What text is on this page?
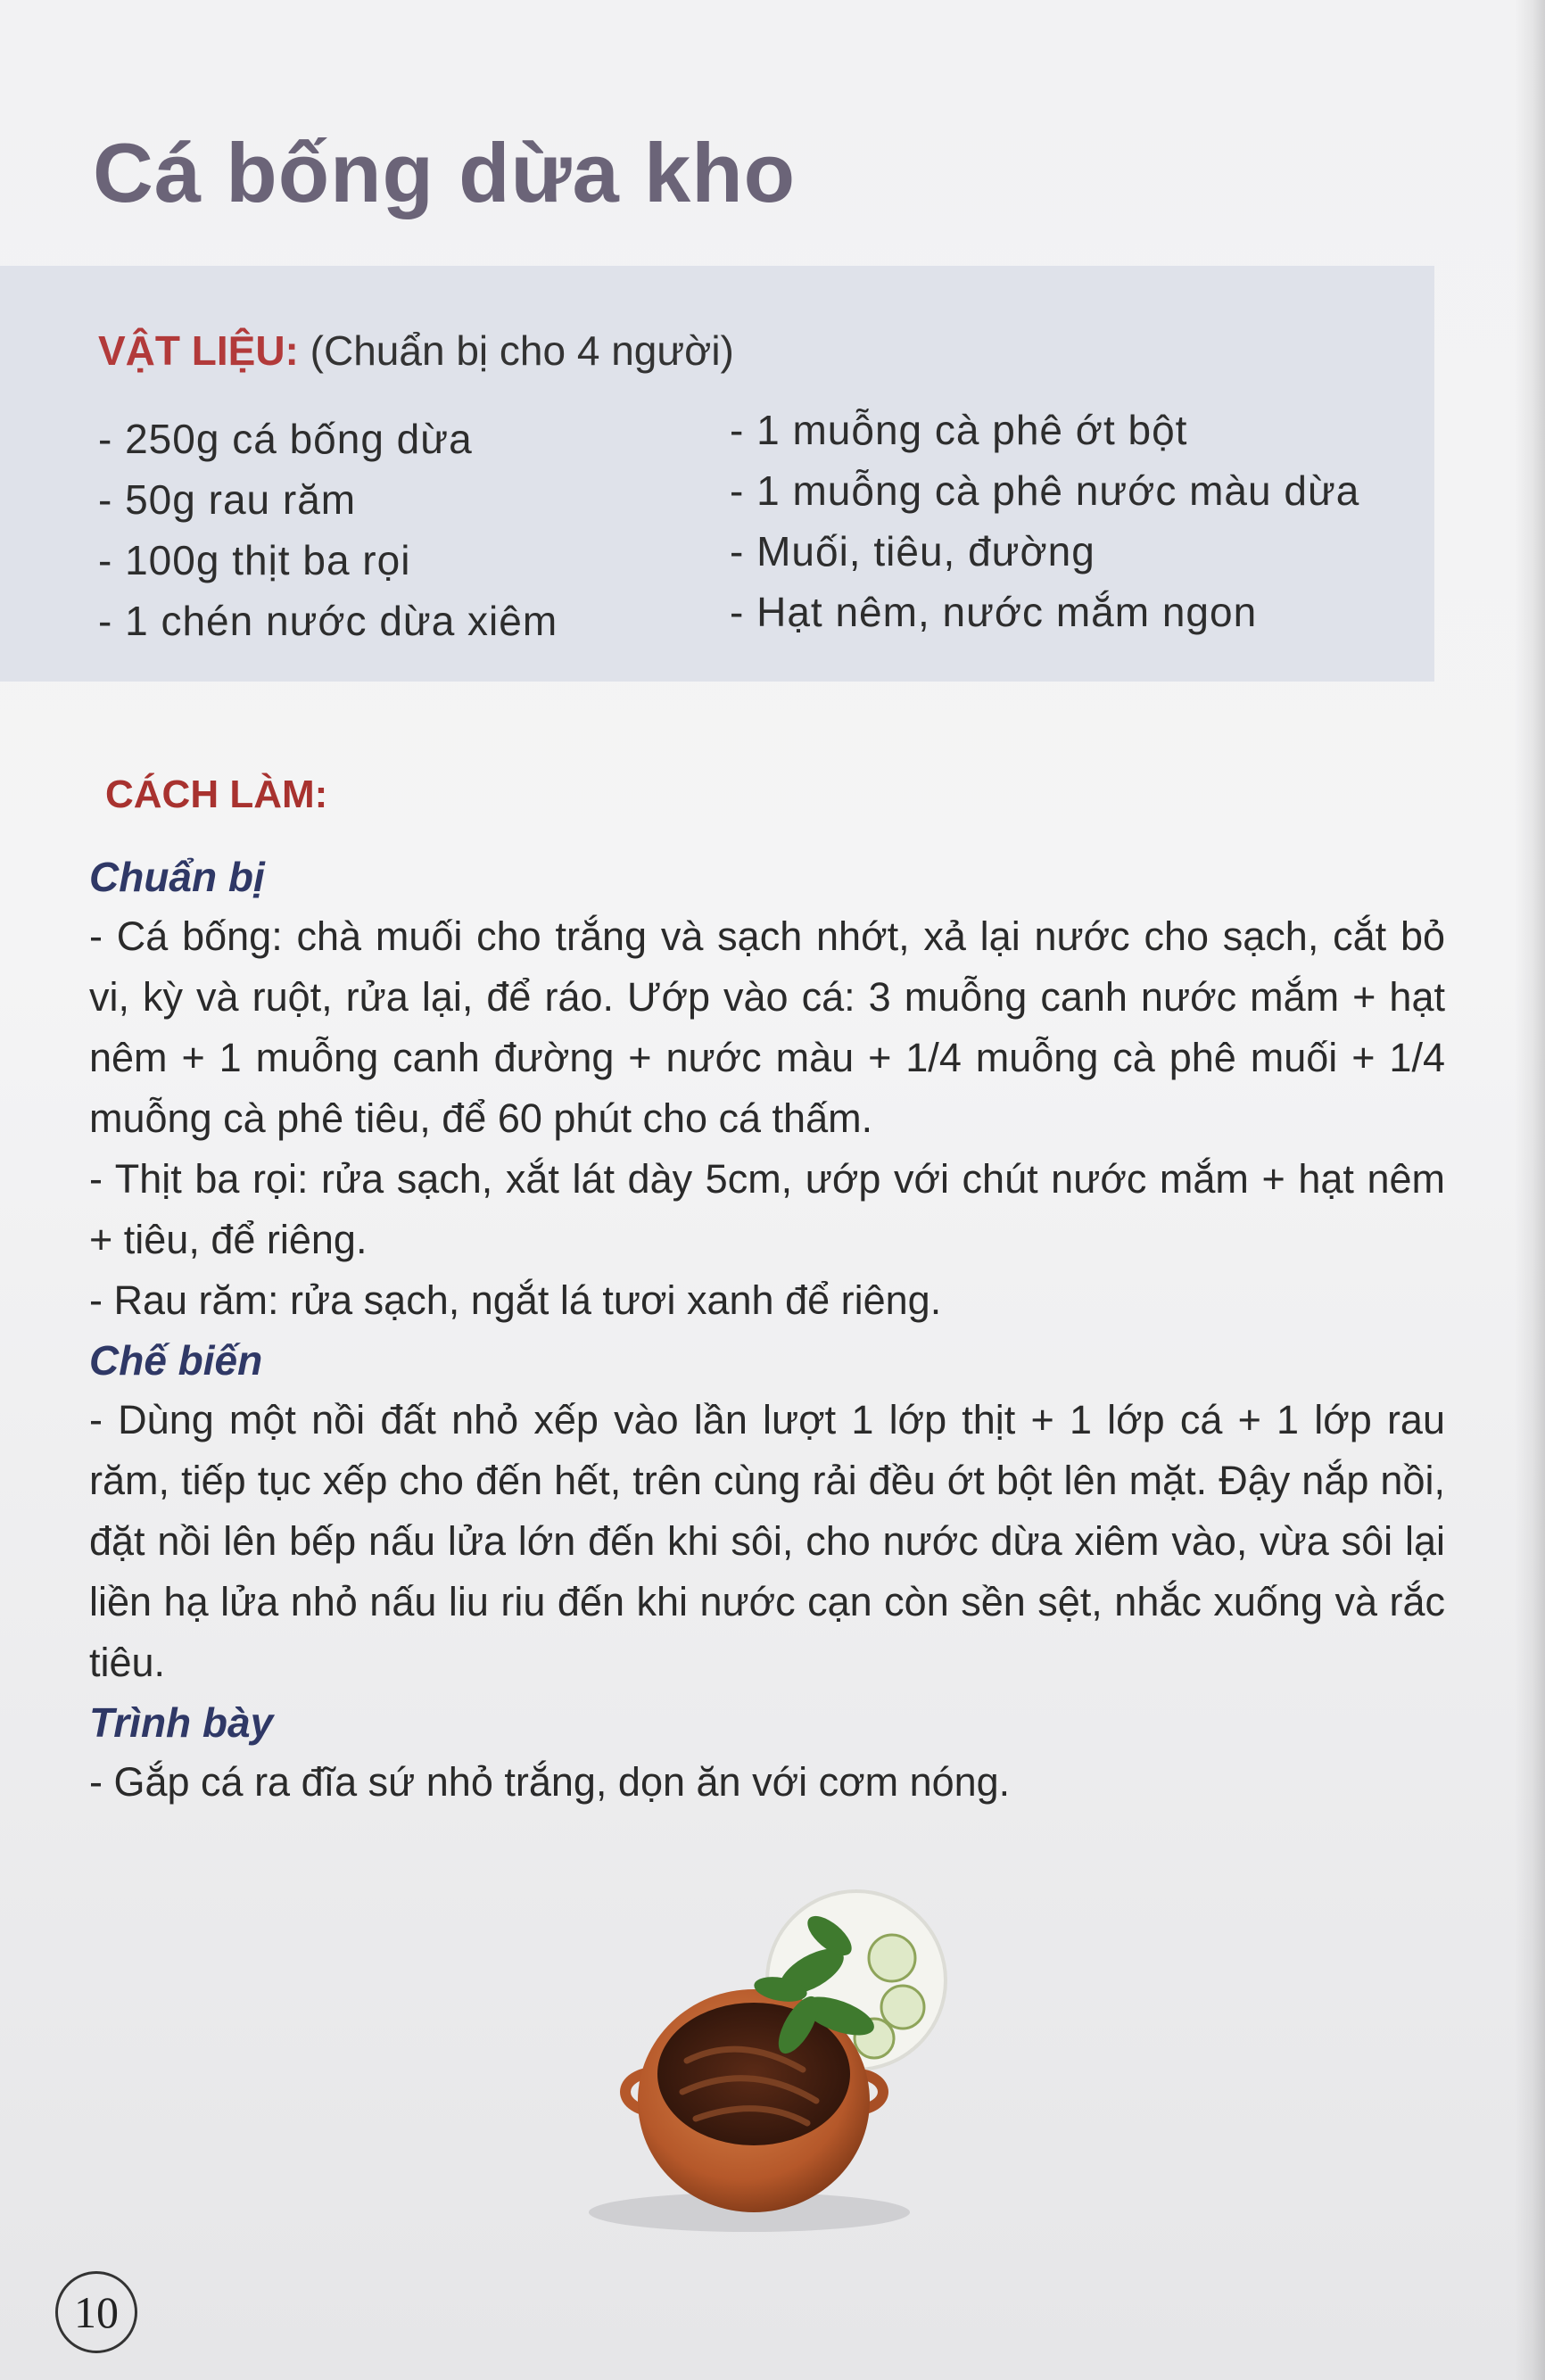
Cá bống dừa kho
VẬT LIỆU: (Chuẩn bị cho 4 người)
- 250g cá bống dừa
- 50g rau răm
- 100g thịt ba rọi
- 1 chén nước dừa xiêm
- 1 muỗng cà phê ớt bột
- 1 muỗng cà phê nước màu dừa
- Muối, tiêu, đường
- Hạt nêm, nước mắm ngon
CÁCH LÀM:
Chuẩn bị

- Cá bống: chà muối cho trắng và sạch nhớt, xả lại nước cho sạch, cắt bỏ vi, kỳ và ruột, rửa lại, để ráo. Ướp vào cá: 3 muỗng canh nước mắm + hạt nêm + 1 muỗng canh đường + nước màu + 1/4 muỗng cà phê muối + 1/4 muỗng cà phê tiêu, để 60 phút cho cá thấm.

- Thịt ba rọi: rửa sạch, xắt lát dày 5cm, ướp với chút nước mắm + hạt nêm + tiêu, để riêng.

- Rau răm: rửa sạch, ngắt lá tươi xanh để riêng.

Chế biến

- Dùng một nồi đất nhỏ xếp vào lần lượt 1 lớp thịt + 1 lớp cá + 1 lớp rau răm, tiếp tục xếp cho đến hết, trên cùng rải đều ớt bột lên mặt. Đậy nắp nồi, đặt nồi lên bếp nấu lửa lớn đến khi sôi, cho nước dừa xiêm vào, vừa sôi lại liền hạ lửa nhỏ nấu liu riu đến khi nước cạn còn sền sệt, nhắc xuống và rắc tiêu.

Trình bày

- Gắp cá ra đĩa sứ nhỏ trắng, dọn ăn với cơm nóng.

10
